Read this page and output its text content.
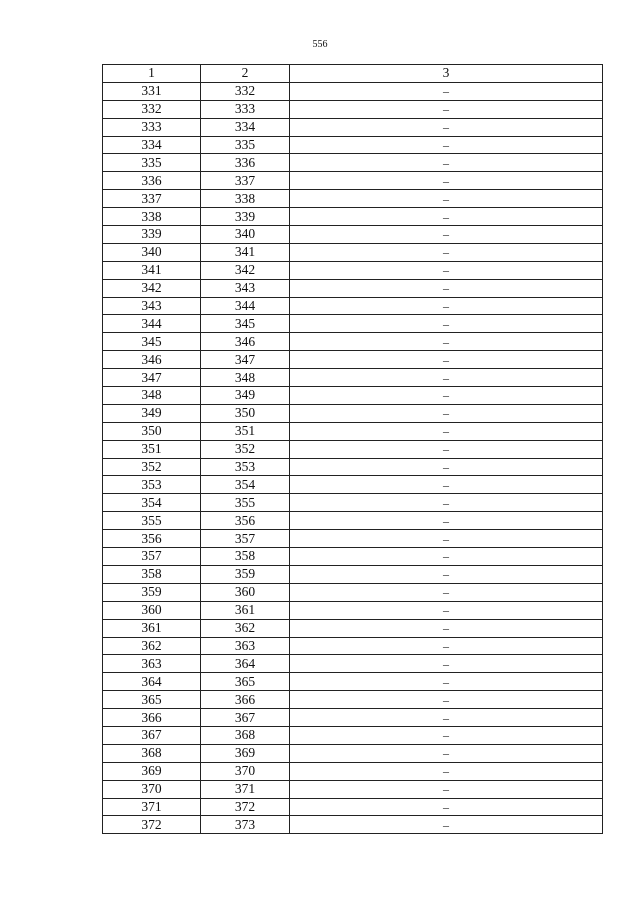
556
1	2	3
331	332	–
332	333	–
333	334	–
334	335	–
335	336	–
336	337	–
337	338	–
338	339	–
339	340	–
340	341	–
341	342	–
342	343	–
343	344	–
344	345	–
345	346	–
346	347	–
347	348	–
348	349	–
349	350	–
350	351	–
351	352	–
352	353	–
353	354	–
354	355	–
355	356	–
356	357	–
357	358	–
358	359	–
359	360	–
360	361	–
361	362	–
362	363	–
363	364	–
364	365	–
365	366	–
366	367	–
367	368	–
368	369	–
369	370	–
370	371	–
371	372	–
372	373	–
